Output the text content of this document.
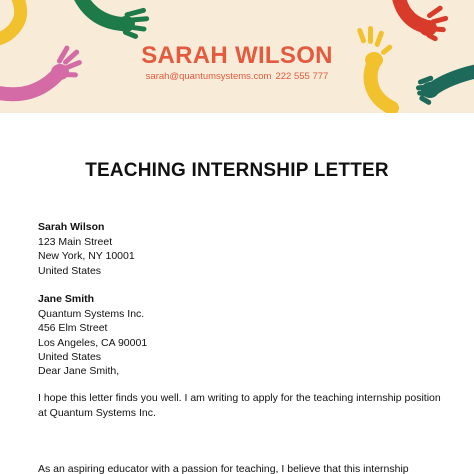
SARAH WILSON
sarah@quantumsystems.com 222 555 777
TEACHING INTERNSHIP LETTER
Sarah Wilson
123 Main Street
New York, NY 10001
United States
Jane Smith
Quantum Systems Inc.
456 Elm Street
Los Angeles, CA 90001
United States
Dear Jane Smith,
I hope this letter finds you well. I am writing to apply for the teaching internship position
at Quantum Systems Inc.
As an aspiring educator with a passion for teaching, I believe that this internship
